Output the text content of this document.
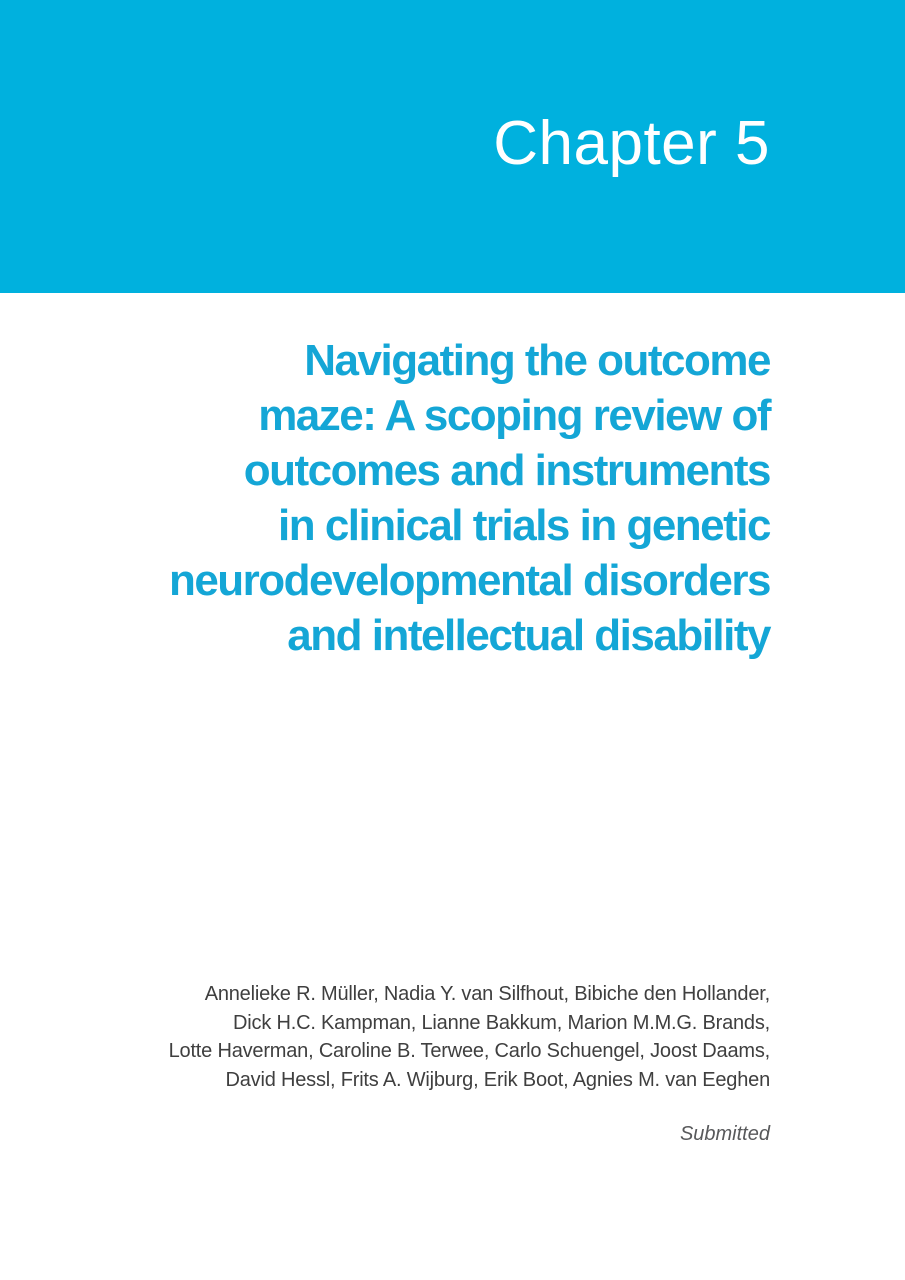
Chapter 5
Navigating the outcome
maze: A scoping review of
outcomes and instruments
in clinical trials in genetic
neurodevelopmental disorders
and intellectual disability
Annelieke R. Müller, Nadia Y. van Silfhout, Bibiche den Hollander,
Dick H.C. Kampman, Lianne Bakkum, Marion M.M.G. Brands,
Lotte Haverman, Caroline B. Terwee, Carlo Schuengel, Joost Daams,
David Hessl, Frits A. Wijburg, Erik Boot, Agnies M. van Eeghen
Submitted
